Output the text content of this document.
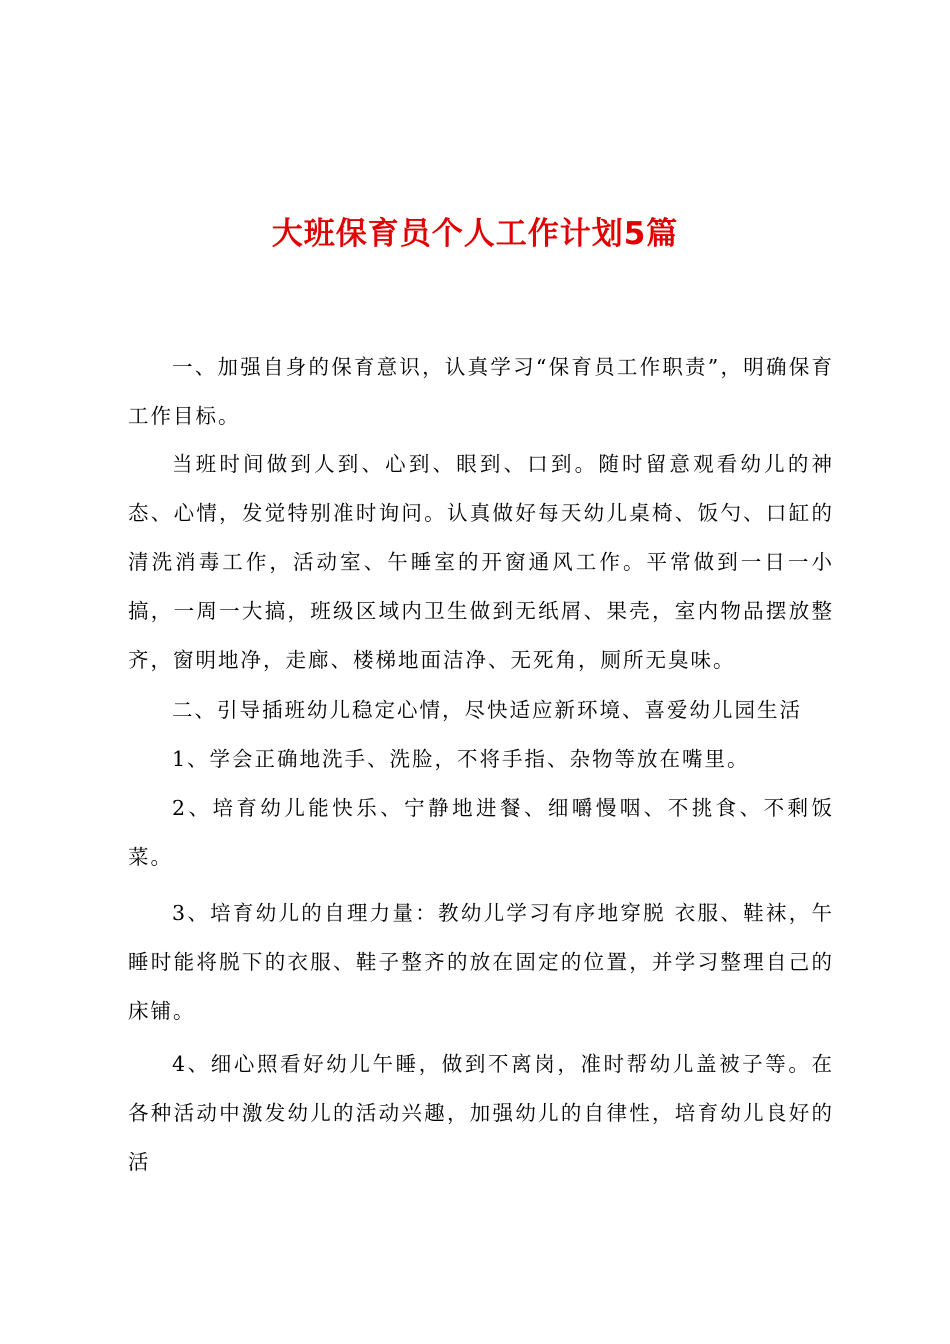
大班保育员个人工作计划5篇

一、加强自身的保育意识，认真学习“保育员工作职责”，明确保育工作目标。

当班时间做到人到、心到、眼到、口到。随时留意观看幼儿的神态、心情，发觉特别准时询问。认真做好每天幼儿桌椅、饭勺、口缸的清洗消毒工作，活动室、午睡室的开窗通风工作。平常做到一日一小搞，一周一大搞，班级区域内卫生做到无纸屑、果壳，室内物品摆放整齐，窗明地净，走廊、楼梯地面洁净、无死角，厕所无臭味。

二、引导插班幼儿稳定心情，尽快适应新环境、喜爱幼儿园生活

1、学会正确地洗手、洗脸，不将手指、杂物等放在嘴里。

2、培育幼儿能快乐、宁静地进餐、细嚼慢咽、不挑食、不剩饭菜。

3、培育幼儿的自理力量：教幼儿学习有序地穿脱 衣服、鞋袜，午睡时能将脱下的衣服、鞋子整齐的放在固定的位置，并学习整理自己的床铺。

4、细心照看好幼儿午睡，做到不离岗，准时帮幼儿盖被子等。在各种活动中激发幼儿的活动兴趣，加强幼儿的自律性，培育幼儿良好的活
